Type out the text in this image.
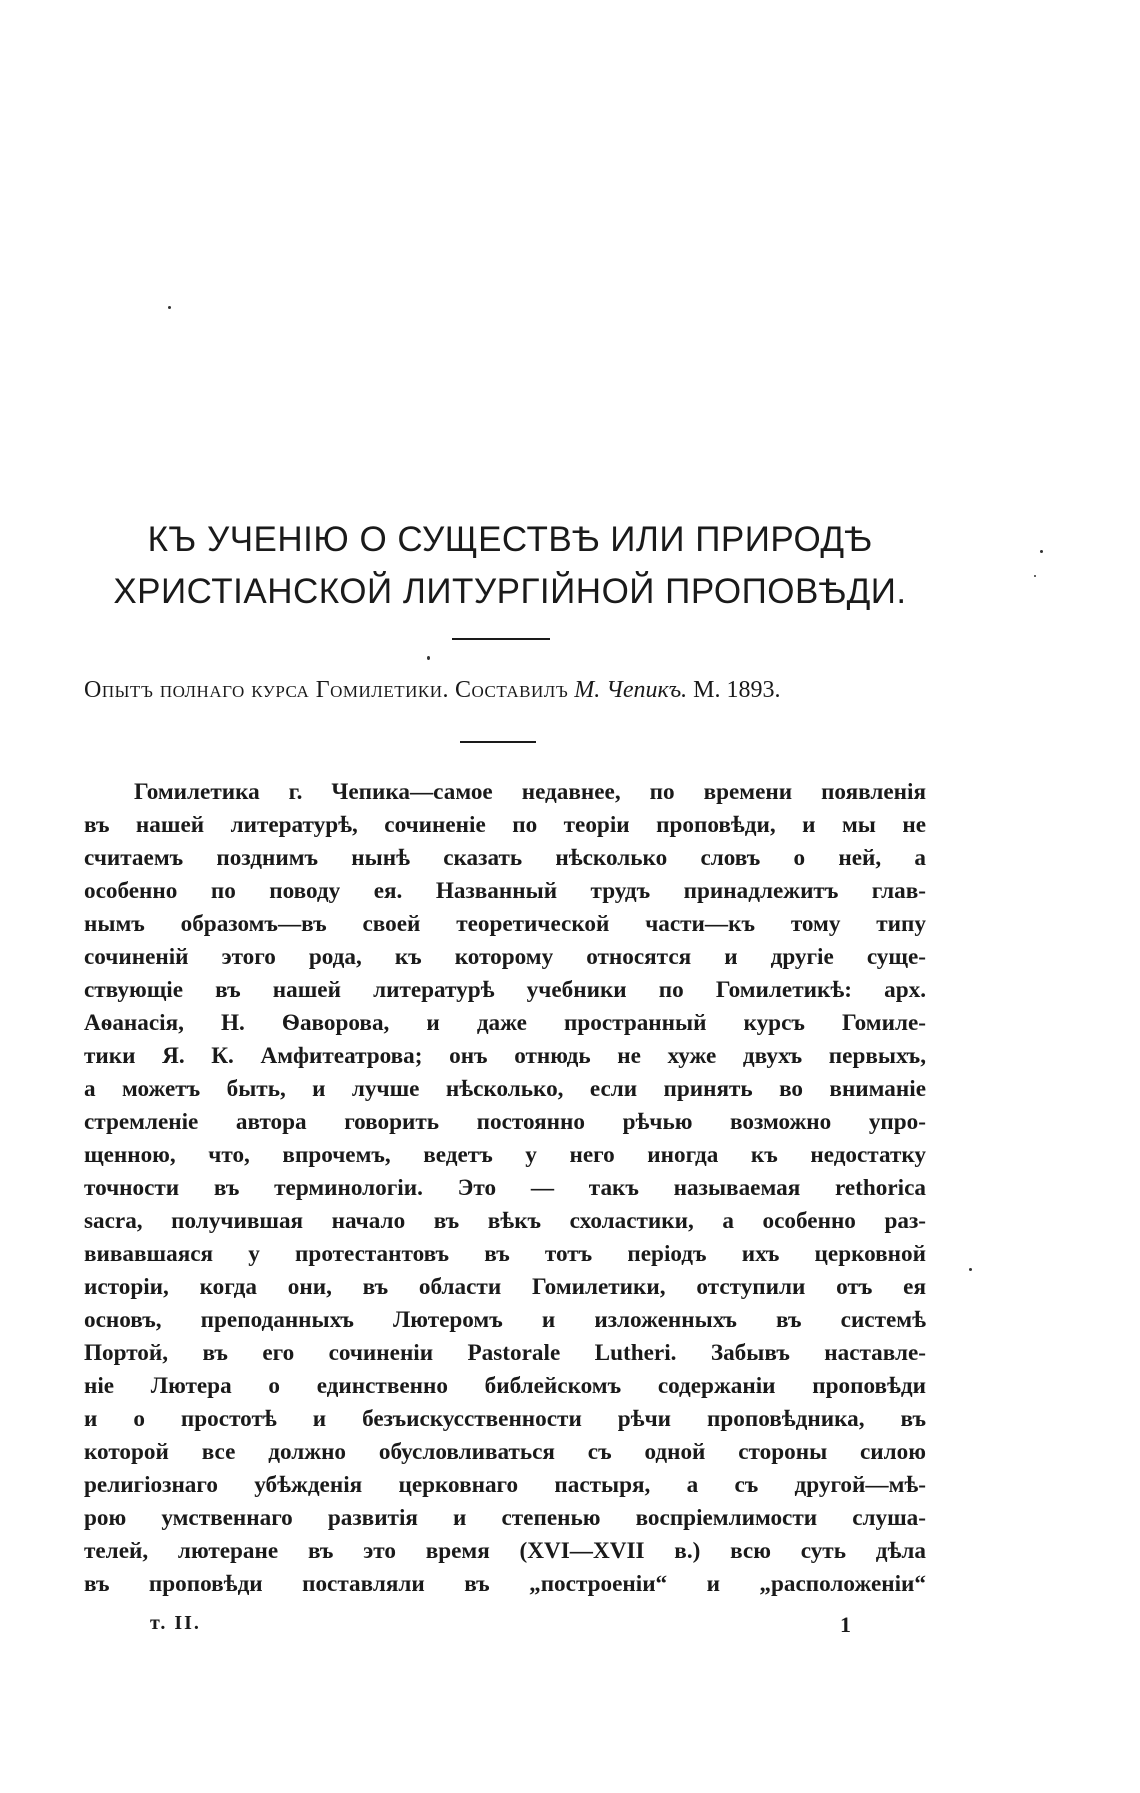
КЪ УЧЕНІЮ О СУЩЕСТВѢ ИЛИ ПРИРОДѢ
ХРИСТІАНСКОЙ ЛИТУРГІЙНОЙ ПРОПОВѢДИ.
Опытъ полнаго курса Гомилетики. Составилъ М. Чепикъ. М. 1893.
Гомилетика г. Чепика—самое недавнее, по времени появленія
въ нашей литературѣ, сочиненіе по теоріи проповѣди, и мы не
считаемъ позднимъ нынѣ сказать нѣсколько словъ о ней, а
особенно по поводу ея. Названный трудъ принадлежитъ глав-
нымъ образомъ—въ своей теоретической части—къ тому типу
сочиненій этого рода, къ которому относятся и другіе суще-
ствующіе въ нашей литературѣ учебники по Гомилетикѣ: арх.
Аѳанасія, Н. Ѳаворова, и даже пространный курсъ Гомиле-
тики Я. К. Амфитеатрова; онъ отнюдь не хуже двухъ первыхъ,
а можетъ быть, и лучше нѣсколько, если принять во вниманіе
стремленіе автора говорить постоянно рѣчью возможно упро-
щенною, что, впрочемъ, ведетъ у него иногда къ недостатку
точности въ терминологіи. Это — такъ называемая rethorica
sacra, получившая начало въ вѣкъ схоластики, а особенно раз-
вивавшаяся у протестантовъ въ тотъ періодъ ихъ церковной
исторіи, когда они, въ области Гомилетики, отступили отъ ея
основъ, преподанныхъ Лютеромъ и изложенныхъ въ системѣ
Портой, въ его сочиненіи Pastorale Lutheri. Забывъ наставле-
ніе Лютера о единственно библейскомъ содержаніи проповѣди
и о простотѣ и безъискусственности рѣчи проповѣдника, въ
которой все должно обусловливаться съ одной стороны силою
религіознаго убѣжденія церковнаго пастыря, а съ другой—мѣ-
рою умственнаго развитія и степенью воспріемлимости слуша-
телей, лютеране въ это время (XVI—XVII в.) всю суть дѣла
въ проповѣди поставляли въ „построеніи“ и „расположеніи“
т. II.	1
